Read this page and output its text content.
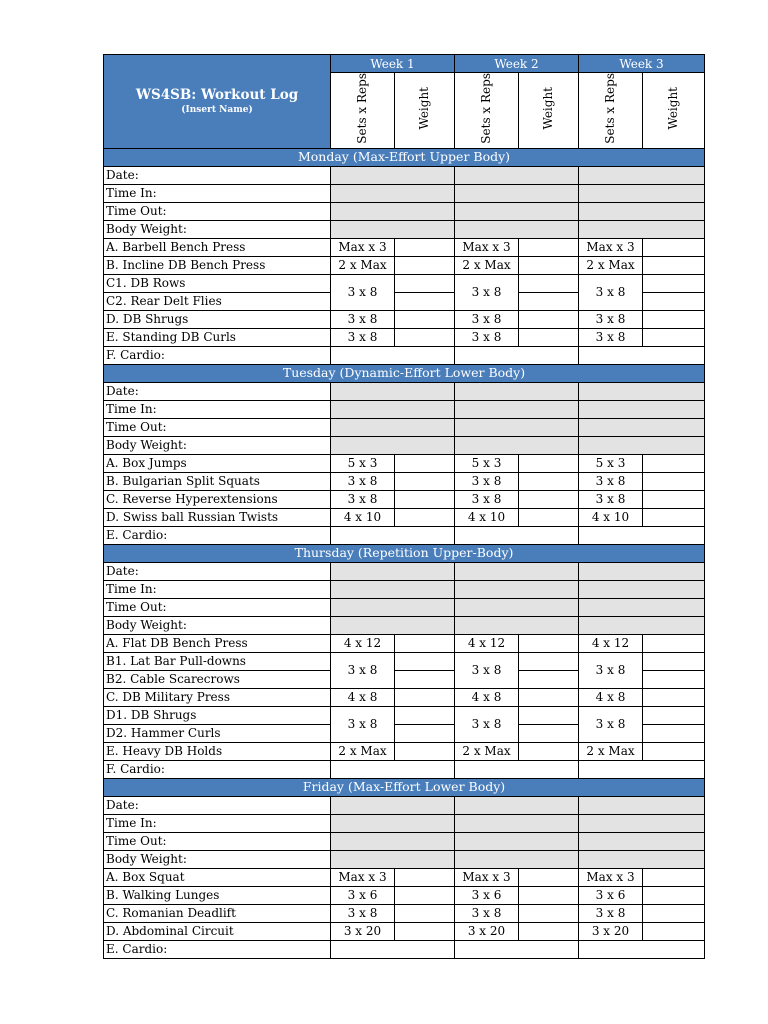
WS4SB: Workout Log
(Insert Name)	Week 1		Week 2		Week 3	
	Sets x Reps	Weight	Sets x Reps	Weight	Sets x Reps	Weight
Monday (Max-Effort Upper Body)						
Date:						
Time In:						
Time Out:						
Body Weight:						
A. Barbell Bench Press	Max x 3		Max x 3		Max x 3	
B. Incline DB Bench Press	2 x Max		2 x Max		2 x Max	
C1. DB Rows	3 x 8		3 x 8		3 x 8	
C2. Rear Delt Flies						
D. DB Shrugs	3 x 8		3 x 8		3 x 8	
E. Standing DB Curls	3 x 8		3 x 8		3 x 8	
F. Cardio:						
Tuesday (Dynamic-Effort Lower Body)						
Date:						
Time In:						
Time Out:						
Body Weight:						
A. Box Jumps	5 x 3		5 x 3		5 x 3	
B. Bulgarian Split Squats	3 x 8		3 x 8		3 x 8	
C. Reverse Hyperextensions	3 x 8		3 x 8		3 x 8	
D. Swiss ball Russian Twists	4 x 10		4 x 10		4 x 10	
E. Cardio:						
Thursday (Repetition Upper-Body)						
Date:						
Time In:						
Time Out:						
Body Weight:						
A. Flat DB Bench Press	4 x 12		4 x 12		4 x 12	
B1. Lat Bar Pull-downs	3 x 8		3 x 8		3 x 8	
B2. Cable Scarecrows						
C. DB Military Press	4 x 8		4 x 8		4 x 8	
D1. DB Shrugs	3 x 8		3 x 8		3 x 8	
D2. Hammer Curls						
E. Heavy DB Holds	2 x Max		2 x Max		2 x Max	
F. Cardio:						
Friday (Max-Effort Lower Body)						
Date:						
Time In:						
Time Out:						
Body Weight:						
A. Box Squat	Max x 3		Max x 3		Max x 3	
B. Walking Lunges	3 x 6		3 x 6		3 x 6	
C. Romanian Deadlift	3 x 8		3 x 8		3 x 8	
D. Abdominal Circuit	3 x 20		3 x 20		3 x 20	
E. Cardio:						
